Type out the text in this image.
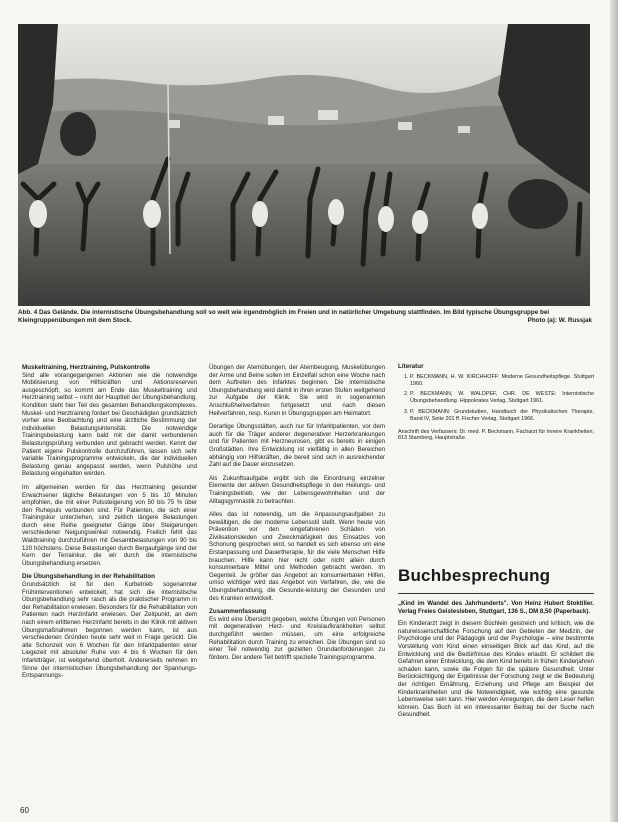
Abb. 4 Das Gelände. Die internistische Übungsbehandlung soll so weit wie irgendmöglich im Freien und in natürlicher Umgebung stattfinden. Im Bild typische Übungsgruppe bei Kleingruppenübungen mit dem Stock.	Photo (a): W. Russjak
Muskeltraining, Herztraining, Pulskontrolle

Sind alle vorangegangenen Aktionen wie die notwendige Mobilisierung von Hilfskräften und Aktionsreserven ausgeschöpft, so kommt am Ende das Muskeltraining und Herztraining selbst – nicht der Hauptteil der Übungsbehandlung. Kondition steht hier Teil des gesamten Behandlungskomplexes. Muskel- und Herztraining fordert bei Geschädigten grundsätzlich vorher eine Beobachtung und eine ärztliche Bestimmung der individuellen Belastungsintensität. Die notwendige Trainingsbelastung kann bald mit der damit verbundenen Belastungsprüfung verbunden und gebracht werden. Kennt der Patient eigene Pulskontrolle durchzuführen, lassen sich sehr variable Trainingsprogramme entwickeln, die der individuellen Belastung genau angepasst werden, wenn Pulshöhe und Belastung eingehalten werden.

Im allgemeinen werden für das Herztraining gesunder Erwachsener tägliche Belastungen von 5 bis 10 Minuten empfohlen, die mit einer Pulssteigerung von 50 bis 75 % über den Ruhepuls verbunden sind. Für Patienten, die sich einer Trainingskur unterziehen, sind zeitlich längere Belastungen durch eine Reihe geeigneter Gänge über Steigerungen verschiedener Neigungswinkel notwendig. Freilich fehlt das Waldtraining durchzuführen mit Gesamtbelastungen von 90 bis 120 höchstens. Diese Belastungen durch Bergaufgänge sind der Kern der Terrainkur, die wir durch die internistische Übungsbehandlung ersetzen.

Die Übungsbehandlung in der Rehabilitation

Grundsätzlich ist für den Kurbetrieb sogenannter Frühinterventionen entwickelt, hat sich die internistische Übungsbehandlung sehr rasch als die praktischer Programm in der Rehabilitation erwiesen. Besonders für die Rehabilitation von Patienten nach Herzinfarkt erwiesen. Der Zeitpunkt, an dem nach einem erlittenen Herzinfarkt bereits in der Klinik mit aktiven Übungsmaßnahmen begonnen werden kann, ist aus verschiedenen Gründen heute sehr weit in Frage gerückt. Die alte Schonzeit von 6 Wochen für den Infarktpatienten einer Liegezeit mit absoluter Ruhe von 4 bis 6 Wochen für den Infarktträger, ist weitgehend überholt. Andererseits nehmen im Sinne der internistischen Übungsbehandlung der Spannungs-Entspannungs-

Übungen der Atemübungen, der Atembeugung, Muskelübungen der Arme und Beine sollen im Einzelfall schon eine Woche nach dem Auftreten des Infarktes beginnen. Die internistische Übungsbehandlung wird damit in ihren ersten Stufen weitgehend zur Aufgabe der Klinik. Sie wird in sogenannten Anschlußheilverfahren fortgesetzt und nach diesen Heilverfahren, resp. Kuren in Übungsgruppen am Heimatort.

Derartige Übungsstätten, auch nur für Infarktpatienten, vor dem auch für die Träger anderer degenerativer Herzerkrankungen und für Patienten mit Herzneurosen, gibt es bereits in einigen Großstädten. Ihre Entwicklung ist vielfältig in allen Bereichen abhängig von Hilfskräften, die bereit sind sich in ausreichender Zahl auf die Dauer einzusetzen.

Als Zukunftsaufgabe ergibt sich die Einordnung einzelner Elemente der aktiven Gesundheitspflege in den Heilungs- und Trainingsbetrieb, wie der Lebensgewohnheiten und der Alltagsgymnastik zu betrachten.

Alles das ist notwendig, um die Anpassungsaufgaben zu bewältigen, die der moderne Lebensstil stellt. Wenn heute von Prävention vor den eingefahrenen Schäden von Zivilisationsleiden und Zweckmäßigkeit des Einsatzes von Schonung gesprochen wird, so handelt es sich ebenso um eine Erstanpassung und Dauertherapie, für die viele Menschen Hilfe brauchen. Hilfe kann hier nicht oder nicht allein durch konsumierbare Mittel und Methoden gebracht werden. Im Gegenteil. Je größer das Angebot an konsumierbaren Hilfen, umso wichtiger wird das Angebot von Verfahren, die, wie die Übungsbehandlung, die Gesunde-leistung der Gesunden und des Kranken entwickelt.

Zusammenfassung

Es wird eine Übersicht gegeben, welche Übungen von Personen mit degenerativen Herz- und Kreislaufkrankheiten selbst durchgeführt werden müssen, um eine erfolgreiche Rehabilitation durch Training zu erreichen. Die Übungen sind so einer Teil notwendig zur gezielten Grundanforderungen zu fördern. Der andere Teil betrifft spezielle Trainingsprogramme.

Literatur
1. P. BECKMANN, H. W. KIRCHHOFF: Moderne Gesundheitspflege. Stuttgart 1960.
2. P. BECKMANN, W. WALDPEF, CHR. DE WESTE: Internistische Übungsbehandlung. Hippokrates Verlag, Stuttgart 1961.
3. P. BECKMANN: Grundstudien, Handbuch der Physikalischen Therapie, Band IV, Seite 201 ff. Fischer Verlag, Stuttgart 1966.
Anschrift des Verfassers: Dr. med. P. Beckmann, Facharzt für Innere Krankheiten, 813 Starnberg, Hauptstraße.
Buchbesprechung

„Kind im Wandel des Jahrhunderts". Von Heinz Hubert Stoktiller. Verlag Freies Geistesleben, Stuttgart, 136 S., DM 8,50 (Paperback).

Ein Kinderarzt zeigt in diesem Büchlein geistreich und kritisch, wie die naturwissenschaftliche Forschung auf den Gebieten der Medizin, der Psychologie und der Pädagogik und der Psychologie – eine bestimmte Vorstellung vom Kind einen einseitigen Blick auf das Kind, auf die Entwicklung und die Bedürfnisse des Kindes erlaubt. Er schildert die Gefahren einer Entwicklung, die dem Kind bereits in frühen Kinderjahren schaden kann, sowie die Folgen für die spätere Gesundheit. Unter Berücksichtigung der Ergebnisse der Forschung zeigt er die Bedeutung der richtigen Ernährung, Erziehung und Pflege am Beispiel der Kinderkrankheiten und die Notwendigkeit, wie wichtig eine gesunde Lebensweise sein kann. Hier werden Anregungen, die dem Leser helfen können. Das Buch ist ein interessanter Beitrag bei der Suche nach Gesundheit.

60
